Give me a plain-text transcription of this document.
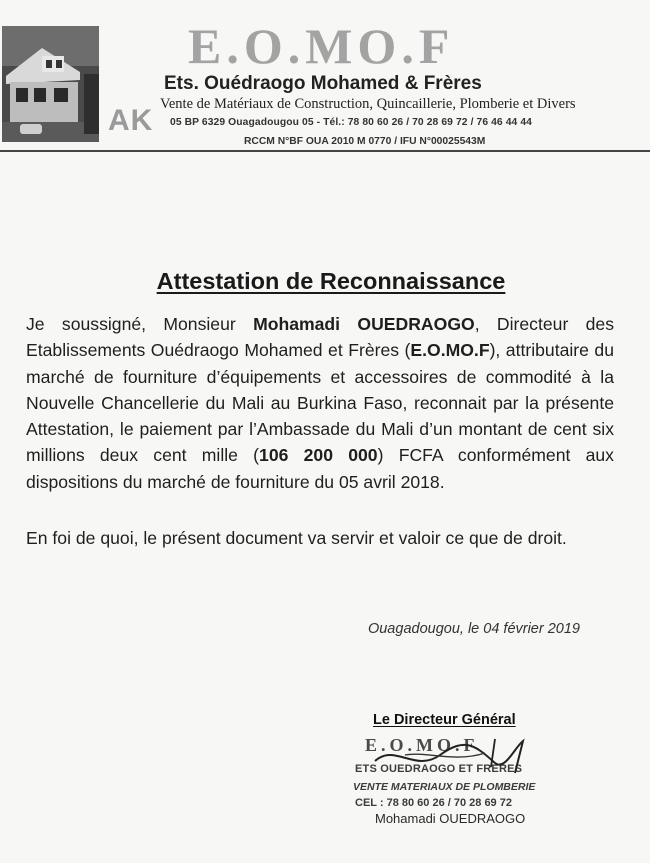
AK
E.O.MO.F
Ets. Ouédraogo Mohamed & Frères
Vente de Matériaux de Construction, Quincaillerie, Plomberie et Divers
05 BP 6329 Ouagadougou 05 - Tél.: 78 80 60 26 / 70 28 69 72 / 76 46 44 44
RCCM N°BF OUA 2010 M 0770 / IFU N°00025543M
Attestation de Reconnaissance
Je soussigné, Monsieur Mohamadi OUEDRAOGO, Directeur des Etablissements Ouédraogo Mohamed et Frères (E.O.MO.F), attributaire du marché de fourniture d’équipements et accessoires de commodité à la Nouvelle Chancellerie du Mali au Burkina Faso, reconnait par la présente Attestation, le paiement par l’Ambassade du Mali d’un montant de cent six millions deux cent mille (106 200 000) FCFA conformément aux dispositions du marché de fourniture du 05 avril 2018.
En foi de quoi, le présent document va servir et valoir ce que de droit.
Ouagadougou, le 04 février 2019
Le Directeur Général
E.O.MO.F
ETS OUEDRAOGO ET FRERES
VENTE MATERIAUX DE PLOMBERIE
CEL : 78 80 60 26 / 70 28 69 72
Mohamadi OUEDRAOGO
